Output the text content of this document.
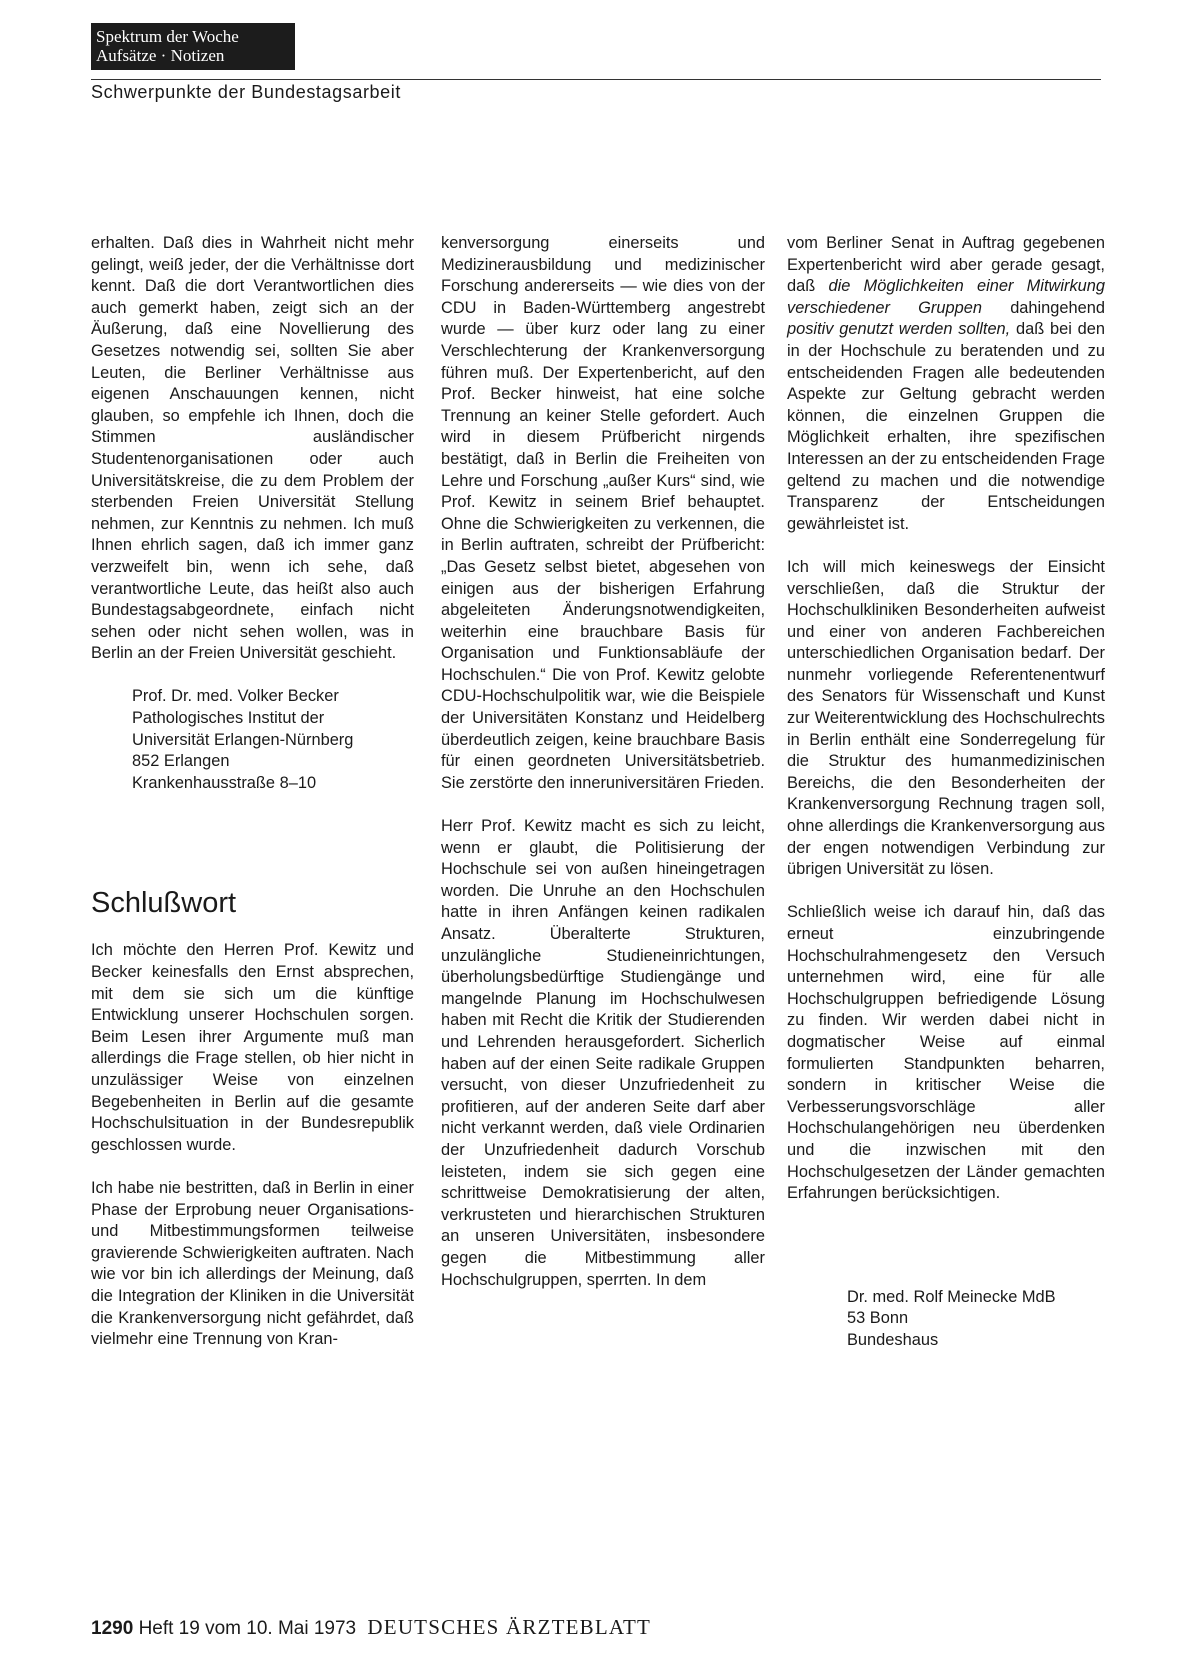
Spektrum der Woche
Aufsätze · Notizen
Schwerpunkte der Bundestagsarbeit

erhalten. Daß dies in Wahrheit nicht mehr gelingt, weiß jeder, der die Verhältnisse dort kennt. Daß die dort Verantwortlichen dies auch gemerkt haben, zeigt sich an der Äußerung, daß eine Novellierung des Gesetzes notwendig sei, sollten Sie aber Leuten, die Berliner Verhältnisse aus eigenen Anschauungen kennen, nicht glauben, so empfehle ich Ihnen, doch die Stimmen ausländischer Studentenorganisationen oder auch Universitätskreise, die zu dem Problem der sterbenden Freien Universität Stellung nehmen, zur Kenntnis zu nehmen. Ich muß Ihnen ehrlich sagen, daß ich immer ganz verzweifelt bin, wenn ich sehe, daß verantwortliche Leute, das heißt also auch Bundestagsabgeordnete, einfach nicht sehen oder nicht sehen wollen, was in Berlin an der Freien Universität geschieht.

Prof. Dr. med. Volker Becker
Pathologisches Institut der
Universität Erlangen-Nürnberg
852 Erlangen
Krankenhausstraße 8–10
Schlußwort

Ich möchte den Herren Prof. Kewitz und Becker keinesfalls den Ernst absprechen, mit dem sie sich um die künftige Entwicklung unserer Hochschulen sorgen. Beim Lesen ihrer Argumente muß man allerdings die Frage stellen, ob hier nicht in unzulässiger Weise von einzelnen Begebenheiten in Berlin auf die gesamte Hochschulsituation in der Bundesrepublik geschlossen wurde.

Ich habe nie bestritten, daß in Berlin in einer Phase der Erprobung neuer Organisations- und Mitbestimmungsformen teilweise gravierende Schwierigkeiten auftraten. Nach wie vor bin ich allerdings der Meinung, daß die Integration der Kliniken in die Universität die Krankenversorgung nicht gefährdet, daß vielmehr eine Trennung von Kran-

kenversorgung einerseits und Medizinerausbildung und medizinischer Forschung andererseits — wie dies von der CDU in Baden-Württemberg angestrebt wurde — über kurz oder lang zu einer Verschlechterung der Krankenversorgung führen muß. Der Expertenbericht, auf den Prof. Becker hinweist, hat eine solche Trennung an keiner Stelle gefordert. Auch wird in diesem Prüfbericht nirgends bestätigt, daß in Berlin die Freiheiten von Lehre und Forschung „außer Kurs“ sind, wie Prof. Kewitz in seinem Brief behauptet. Ohne die Schwierigkeiten zu verkennen, die in Berlin auftraten, schreibt der Prüfbericht: „Das Gesetz selbst bietet, abgesehen von einigen aus der bisherigen Erfahrung abgeleiteten Änderungsnotwendigkeiten, weiterhin eine brauchbare Basis für Organisation und Funktionsabläufe der Hochschulen.“ Die von Prof. Kewitz gelobte CDU-Hochschulpolitik war, wie die Beispiele der Universitäten Konstanz und Heidelberg überdeutlich zeigen, keine brauchbare Basis für einen geordneten Universitätsbetrieb. Sie zerstörte den inneruniversitären Frieden.

Herr Prof. Kewitz macht es sich zu leicht, wenn er glaubt, die Politisierung der Hochschule sei von außen hineingetragen worden. Die Unruhe an den Hochschulen hatte in ihren Anfängen keinen radikalen Ansatz. Überalterte Strukturen, unzulängliche Studieneinrichtungen, überholungsbedürftige Studiengänge und mangelnde Planung im Hochschulwesen haben mit Recht die Kritik der Studierenden und Lehrenden herausgefordert. Sicherlich haben auf der einen Seite radikale Gruppen versucht, von dieser Unzufriedenheit zu profitieren, auf der anderen Seite darf aber nicht verkannt werden, daß viele Ordinarien der Unzufriedenheit dadurch Vorschub leisteten, indem sie sich gegen eine schrittweise Demokratisierung der alten, verkrusteten und hierarchischen Strukturen an unseren Universitäten, insbesondere gegen die Mitbestimmung aller Hochschulgruppen, sperrten. In dem

vom Berliner Senat in Auftrag gegebenen Expertenbericht wird aber gerade gesagt, daß die Möglichkeiten einer Mitwirkung verschiedener Gruppen dahingehend positiv genutzt werden sollten, daß bei den in der Hochschule zu beratenden und zu entscheidenden Fragen alle bedeutenden Aspekte zur Geltung gebracht werden können, die einzelnen Gruppen die Möglichkeit erhalten, ihre spezifischen Interessen an der zu entscheidenden Frage geltend zu machen und die notwendige Transparenz der Entscheidungen gewährleistet ist.

Ich will mich keineswegs der Einsicht verschließen, daß die Struktur der Hochschulkliniken Besonderheiten aufweist und einer von anderen Fachbereichen unterschiedlichen Organisation bedarf. Der nunmehr vorliegende Referentenentwurf des Senators für Wissenschaft und Kunst zur Weiterentwicklung des Hochschulrechts in Berlin enthält eine Sonderregelung für die Struktur des humanmedizinischen Bereichs, die den Besonderheiten der Krankenversorgung Rechnung tragen soll, ohne allerdings die Krankenversorgung aus der engen notwendigen Verbindung zur übrigen Universität zu lösen.

Schließlich weise ich darauf hin, daß das erneut einzubringende Hochschulrahmengesetz den Versuch unternehmen wird, eine für alle Hochschulgruppen befriedigende Lösung zu finden. Wir werden dabei nicht in dogmatischer Weise auf einmal formulierten Standpunkten beharren, sondern in kritischer Weise die Verbesserungsvorschläge aller Hochschulangehörigen neu überdenken und die inzwischen mit den Hochschulgesetzen der Länder gemachten Erfahrungen berücksichtigen.

Dr. med. Rolf Meinecke MdB
53 Bonn
Bundeshaus
1290 Heft 19 vom 10. Mai 1973 DEUTSCHES ÄRZTEBLATT
